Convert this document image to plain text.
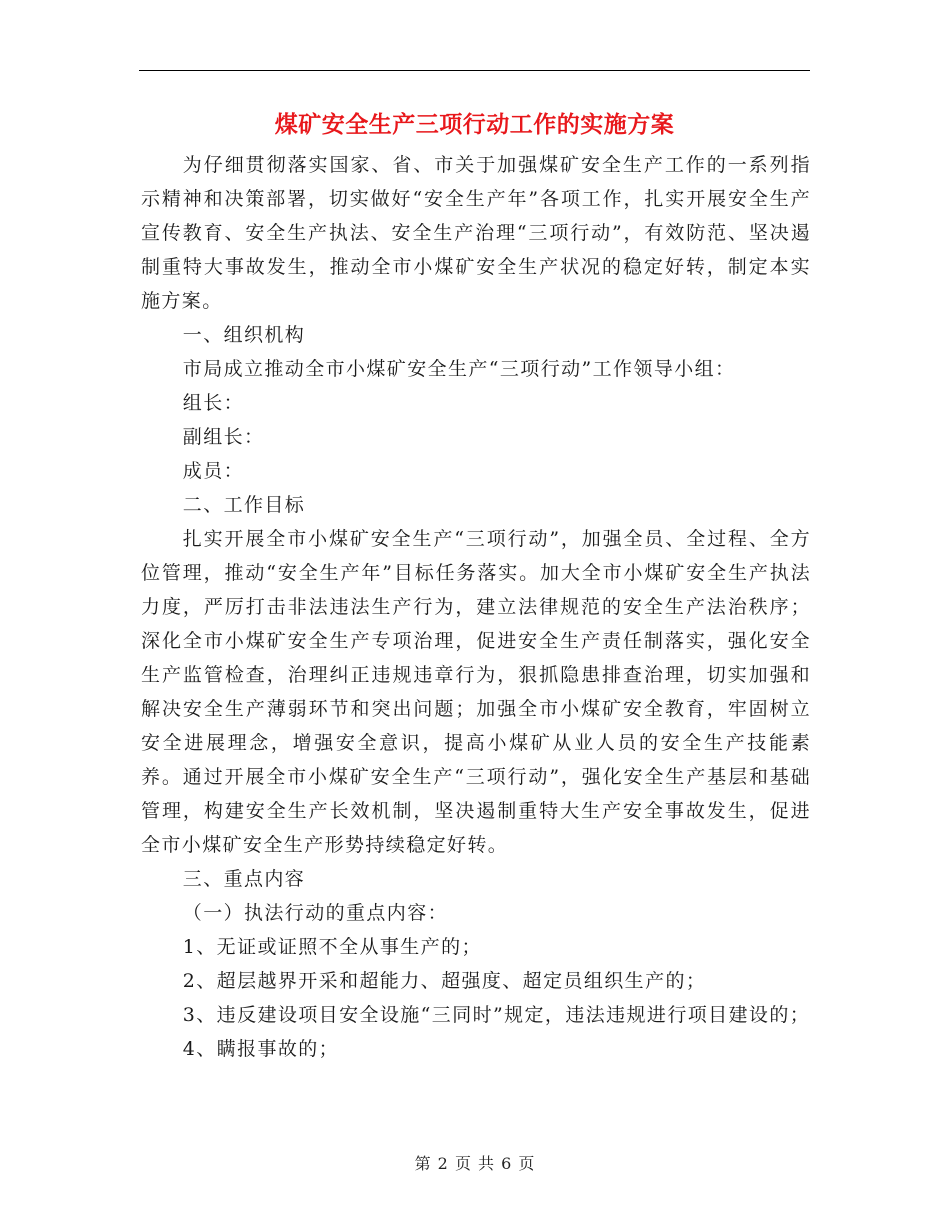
煤矿安全生产三项行动工作的实施方案

为仔细贯彻落实国家、省、市关于加强煤矿安全生产工作的一系列指示精神和决策部署，切实做好“安全生产年”各项工作，扎实开展安全生产宣传教育、安全生产执法、安全生产治理“三项行动”，有效防范、坚决遏制重特大事故发生，推动全市小煤矿安全生产状况的稳定好转，制定本实施方案。

一、组织机构

市局成立推动全市小煤矿安全生产“三项行动”工作领导小组：

组长：

副组长：

成员：

二、工作目标

扎实开展全市小煤矿安全生产“三项行动”，加强全员、全过程、全方位管理，推动“安全生产年”目标任务落实。加大全市小煤矿安全生产执法力度，严厉打击非法违法生产行为，建立法律规范的安全生产法治秩序；深化全市小煤矿安全生产专项治理，促进安全生产责任制落实，强化安全生产监管检查，治理纠正违规违章行为，狠抓隐患排查治理，切实加强和解决安全生产薄弱环节和突出问题；加强全市小煤矿安全教育，牢固树立安全进展理念，增强安全意识，提高小煤矿从业人员的安全生产技能素养。通过开展全市小煤矿安全生产“三项行动”，强化安全生产基层和基础管理，构建安全生产长效机制，坚决遏制重特大生产安全事故发生，促进全市小煤矿安全生产形势持续稳定好转。

三、重点内容

（一）执法行动的重点内容：

1、无证或证照不全从事生产的；

2、超层越界开采和超能力、超强度、超定员组织生产的；

3、违反建设项目安全设施“三同时”规定，违法违规进行项目建设的；

4、瞒报事故的；

第 2 页 共 6 页
